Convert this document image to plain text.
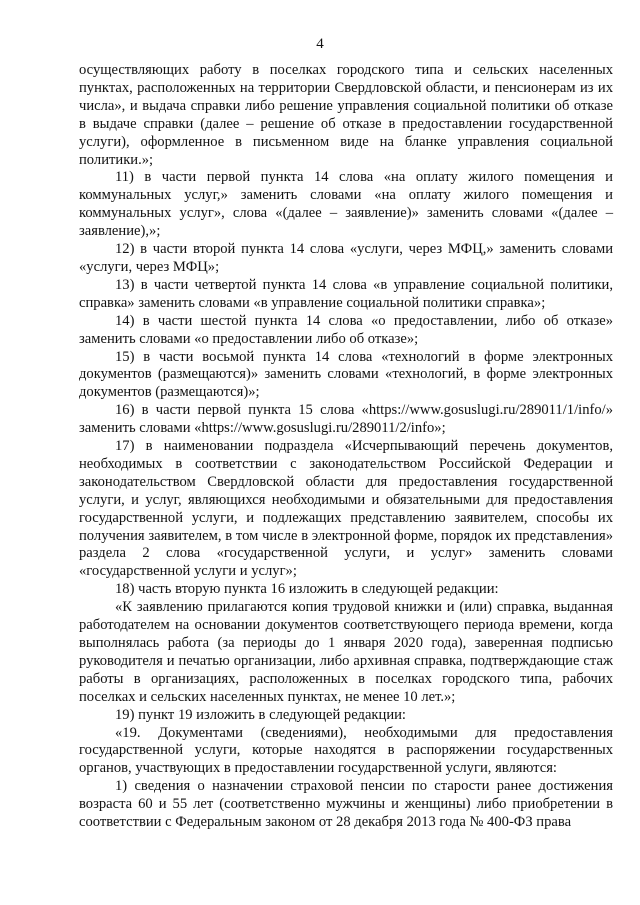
4

осуществляющих работу в поселках городского типа и сельских населенных пунктах, расположенных на территории Свердловской области, и пенсионерам из их числа», и выдача справки либо решение управления социальной политики об отказе в выдаче справки (далее – решение об отказе в предоставлении государственной услуги), оформленное в письменном виде на бланке управления социальной политики.»;

11) в части первой пункта 14 слова «на оплату жилого помещения и коммунальных услуг,» заменить словами «на оплату жилого помещения и коммунальных услуг», слова «(далее – заявление)» заменить словами «(далее – заявление),»;

12) в части второй пункта 14 слова «услуги, через МФЦ,» заменить словами «услуги, через МФЦ»;

13) в части четвертой пункта 14 слова «в управление социальной политики, справка» заменить словами «в управление социальной политики справка»;

14) в части шестой пункта 14 слова «о предоставлении, либо об отказе» заменить словами «о предоставлении либо об отказе»;

15) в части восьмой пункта 14 слова «технологий в форме электронных документов (размещаются)» заменить словами «технологий, в форме электронных документов (размещаются)»;

16) в части первой пункта 15 слова «https://www.gosuslugi.ru/289011/1/info/» заменить словами «https://www.gosuslugi.ru/289011/2/info»;

17) в наименовании подраздела «Исчерпывающий перечень документов, необходимых в соответствии с законодательством Российской Федерации и законодательством Свердловской области для предоставления государственной услуги, и услуг, являющихся необходимыми и обязательными для предоставления государственной услуги, и подлежащих представлению заявителем, способы их получения заявителем, в том числе в электронной форме, порядок их представления» раздела 2 слова «государственной услуги, и услуг» заменить словами «государственной услуги и услуг»;

18) часть вторую пункта 16 изложить в следующей редакции:

«К заявлению прилагаются копия трудовой книжки и (или) справка, выданная работодателем на основании документов соответствующего периода времени, когда выполнялась работа (за периоды до 1 января 2020 года), заверенная подписью руководителя и печатью организации, либо архивная справка, подтверждающие стаж работы в организациях, расположенных в поселках городского типа, рабочих поселках и сельских населенных пунктах, не менее 10 лет.»;

19) пункт 19 изложить в следующей редакции:

«19. Документами (сведениями), необходимыми для предоставления государственной услуги, которые находятся в распоряжении государственных органов, участвующих в предоставлении государственной услуги, являются:

1) сведения о назначении страховой пенсии по старости ранее достижения возраста 60 и 55 лет (соответственно мужчины и женщины) либо приобретении в соответствии с Федеральным законом от 28 декабря 2013 года № 400-ФЗ права
